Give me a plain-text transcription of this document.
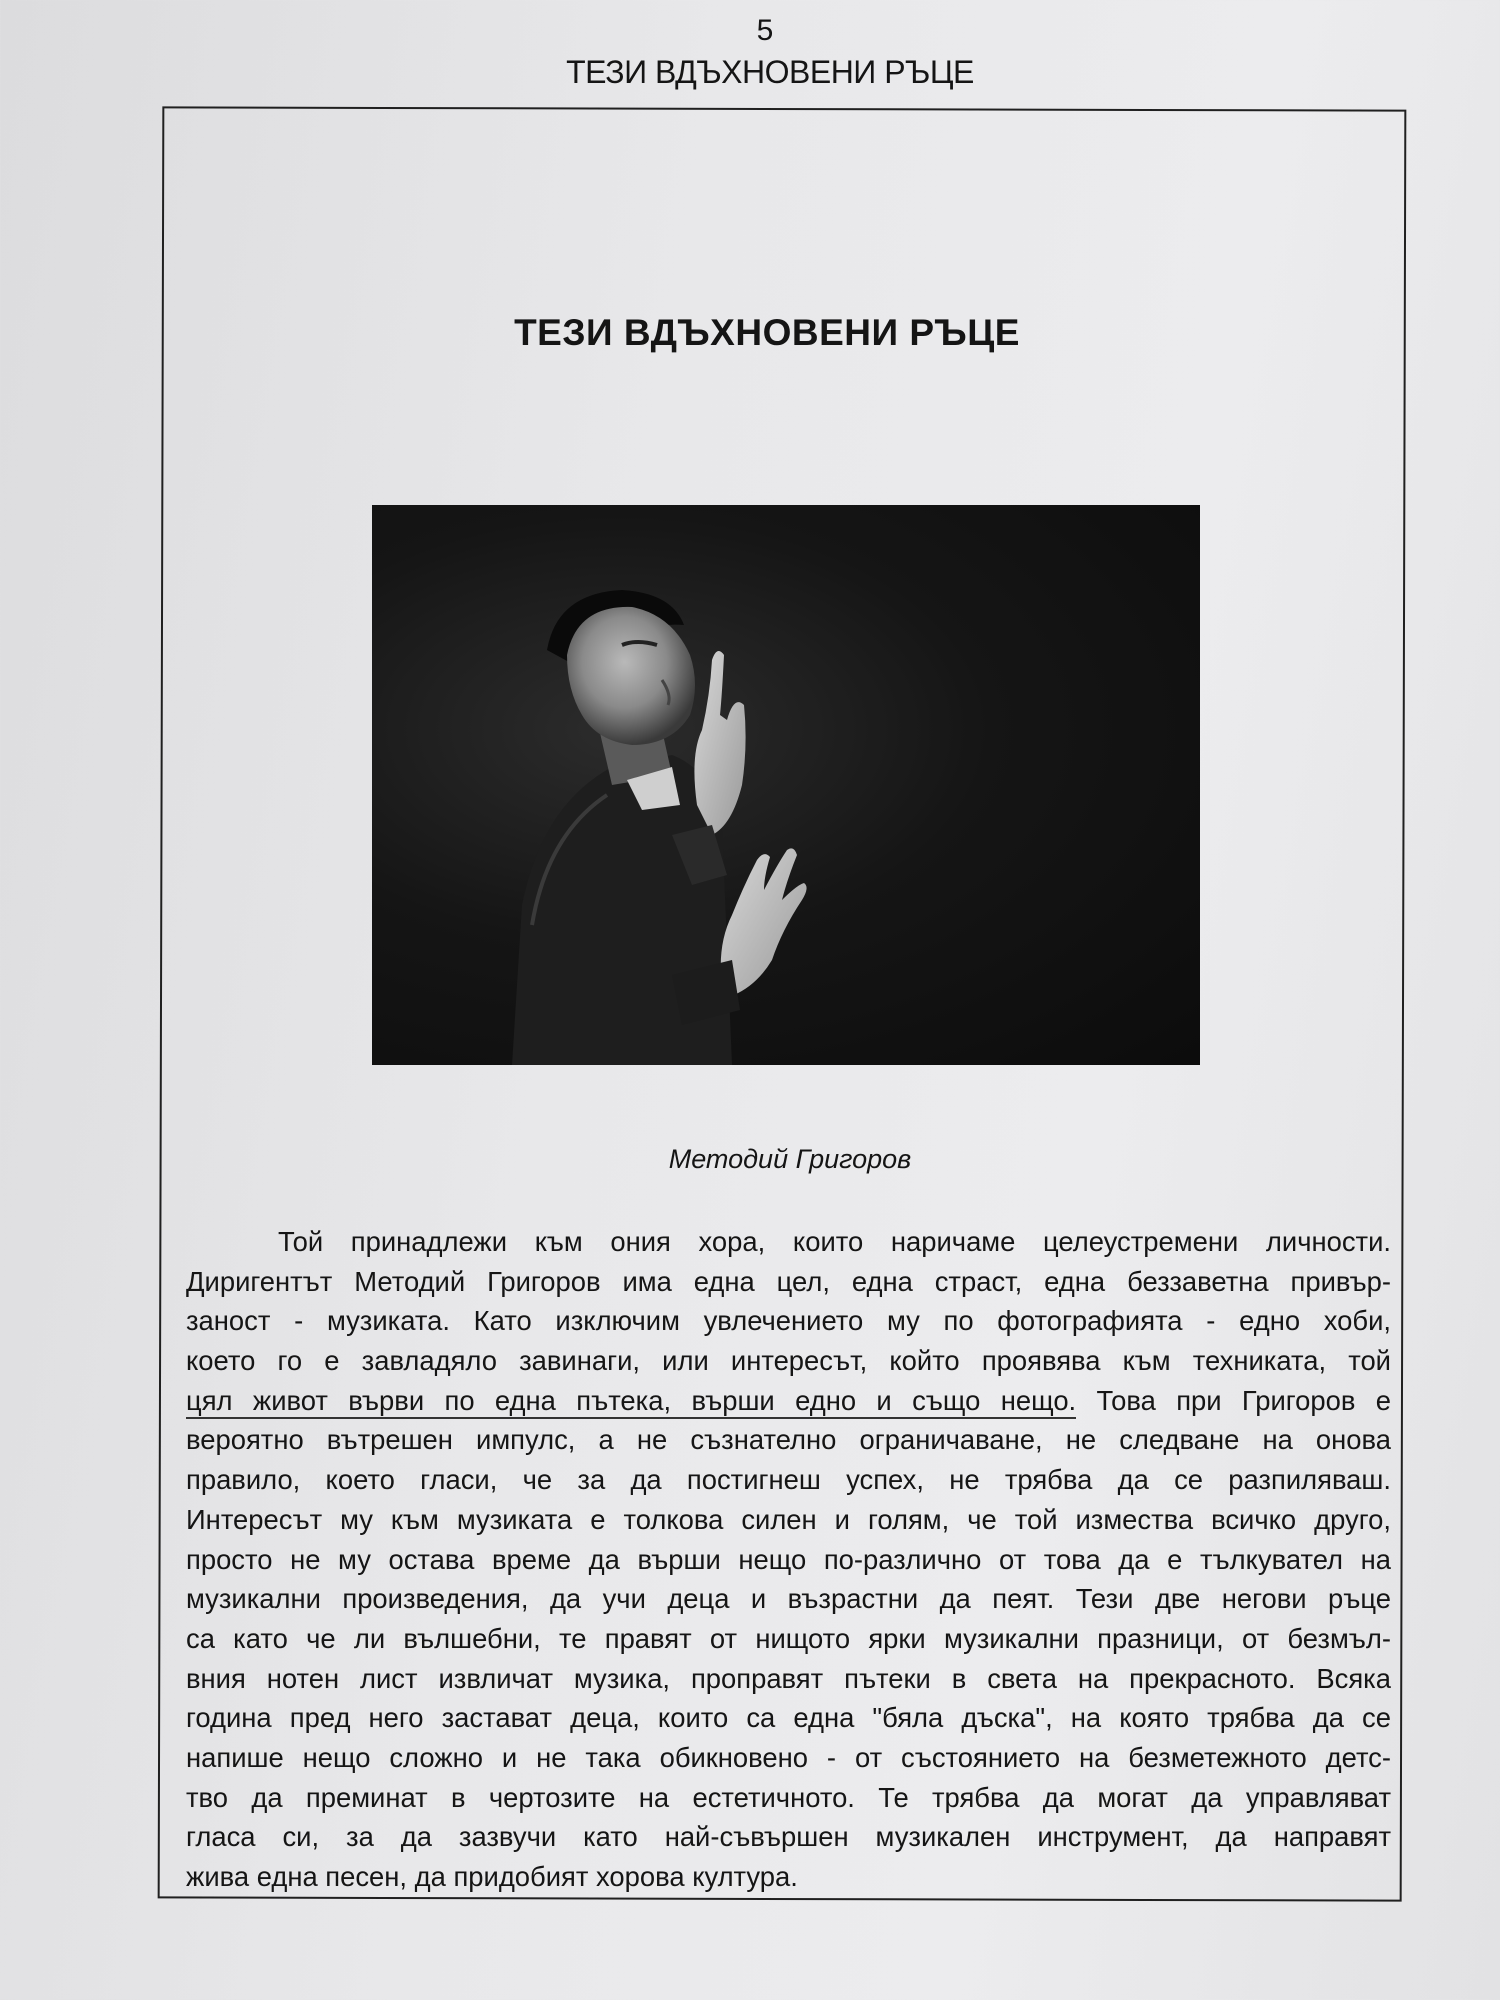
5
ТЕЗИ ВДЪХНОВЕНИ РЪЦЕ
ТЕЗИ ВДЪХНОВЕНИ РЪЦЕ
Методий Григоров
Той принадлежи към ония хора, които наричаме целеустремени личности.
Диригентът Методий Григоров има една цел, една страст, една беззаветна привър-
заност - музиката. Като изключим увлечението му по фотографията - едно хоби,
което го е завладяло завинаги, или интересът, който проявява към техниката, той
цял живот върви по една пътека, върши едно и също нещо. Това при Григоров е
вероятно вътрешен импулс, а не съзнателно ограничаване, не следване на онова
правило, което гласи, че за да постигнеш успех, не трябва да се разпиляваш.
Интересът му към музиката е толкова силен и голям, че той измества всичко друго,
просто не му остава време да върши нещо по-различно от това да е тълкувател на
музикални произведения, да учи деца и възрастни да пеят. Тези две негови ръце
са като че ли вълшебни, те правят от нищото ярки музикални празници, от безмъл-
вния нотен лист извличат музика, проправят пътеки в света на прекрасното. Всяка
година пред него застават деца, които са една "бяла дъска", на която трябва да се
напише нещо сложно и не така обикновено - от състоянието на безметежното детс-
тво да преминат в чертозите на естетичното. Те трябва да могат да управляват
гласа си, за да зазвучи като най-съвършен музикален инструмент, да направят
жива една песен, да придобият хорова култура.
